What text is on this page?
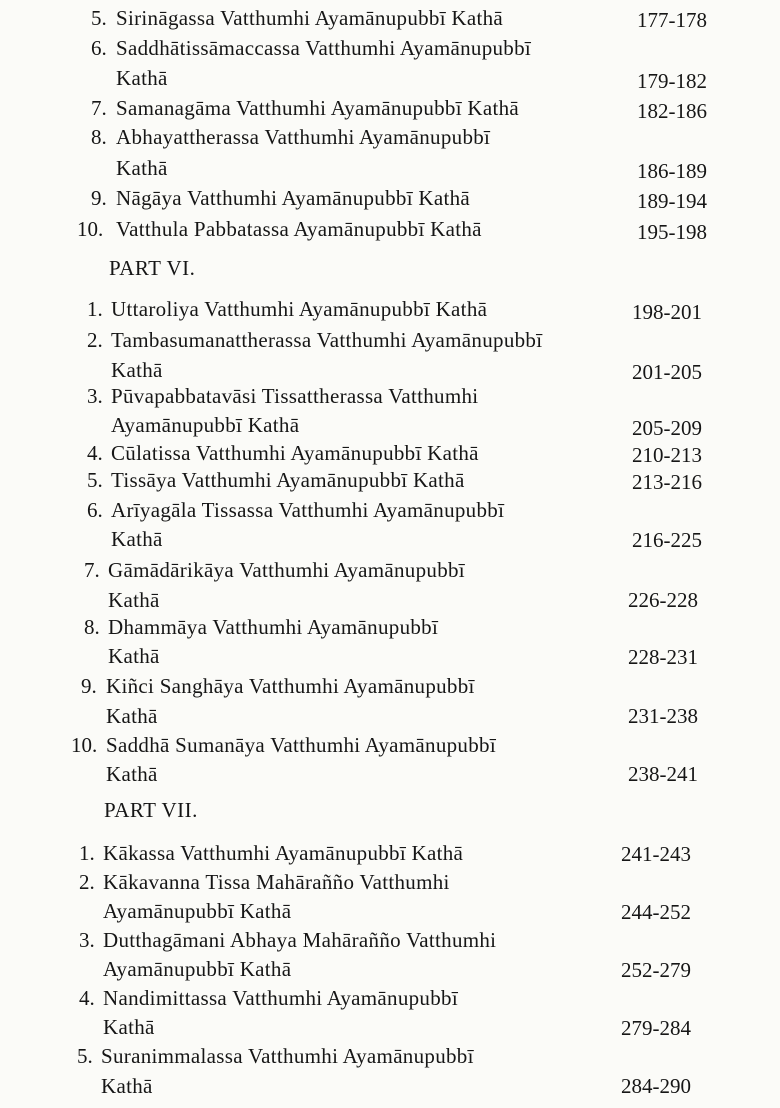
5. Sirināgassa Vatthumhi Ayamānupubbī Kathā	177-178
6. Saddhātissāmaccassa Vatthumhi Ayamānupubbī
Kathā	179-182
7. Samanagāma Vatthumhi Ayamānupubbī Kathā	182-186
8. Abhayattherassa Vatthumhi Ayamānupubbī
Kathā	186-189
9. Nāgāya Vatthumhi Ayamānupubbī Kathā	189-194
10. Vatthula Pabbatassa Ayamānupubbī Kathā	195-198
PART VI.
1. Uttaroliya Vatthumhi Ayamānupubbī Kathā	198-201
2. Tambasumanattherassa Vatthumhi Ayamānupubbī
Kathā	201-205
3. Pūvapabbatavāsi Tissattherassa Vatthumhi
Ayamānupubbī Kathā	205-209
4. Cūlatissa Vatthumhi Ayamānupubbī Kathā	210-213
5. Tissāya Vatthumhi Ayamānupubbī Kathā	213-216
6. Arīyagāla Tissassa Vatthumhi Ayamānupubbī
Kathā	216-225
7. Gāmādārikāya Vatthumhi Ayamānupubbī
Kathā	226-228
8. Dhammāya Vatthumhi Ayamānupubbī
Kathā	228-231
9. Kiñci Sanghāya Vatthumhi Ayamānupubbī
Kathā	231-238
10. Saddhā Sumanāya Vatthumhi Ayamānupubbī
Kathā	238-241
PART VII.
1. Kākassa Vatthumhi Ayamānupubbī Kathā	241-243
2. Kākavanna Tissa Mahārañño Vatthumhi
Ayamānupubbī Kathā	244-252
3. Dutthagāmani Abhaya Mahārañño Vatthumhi
Ayamānupubbī Kathā	252-279
4. Nandimittassa Vatthumhi Ayamānupubbī
Kathā	279-284
5. Suranimmalassa Vatthumhi Ayamānupubbī
Kathā	284-290
